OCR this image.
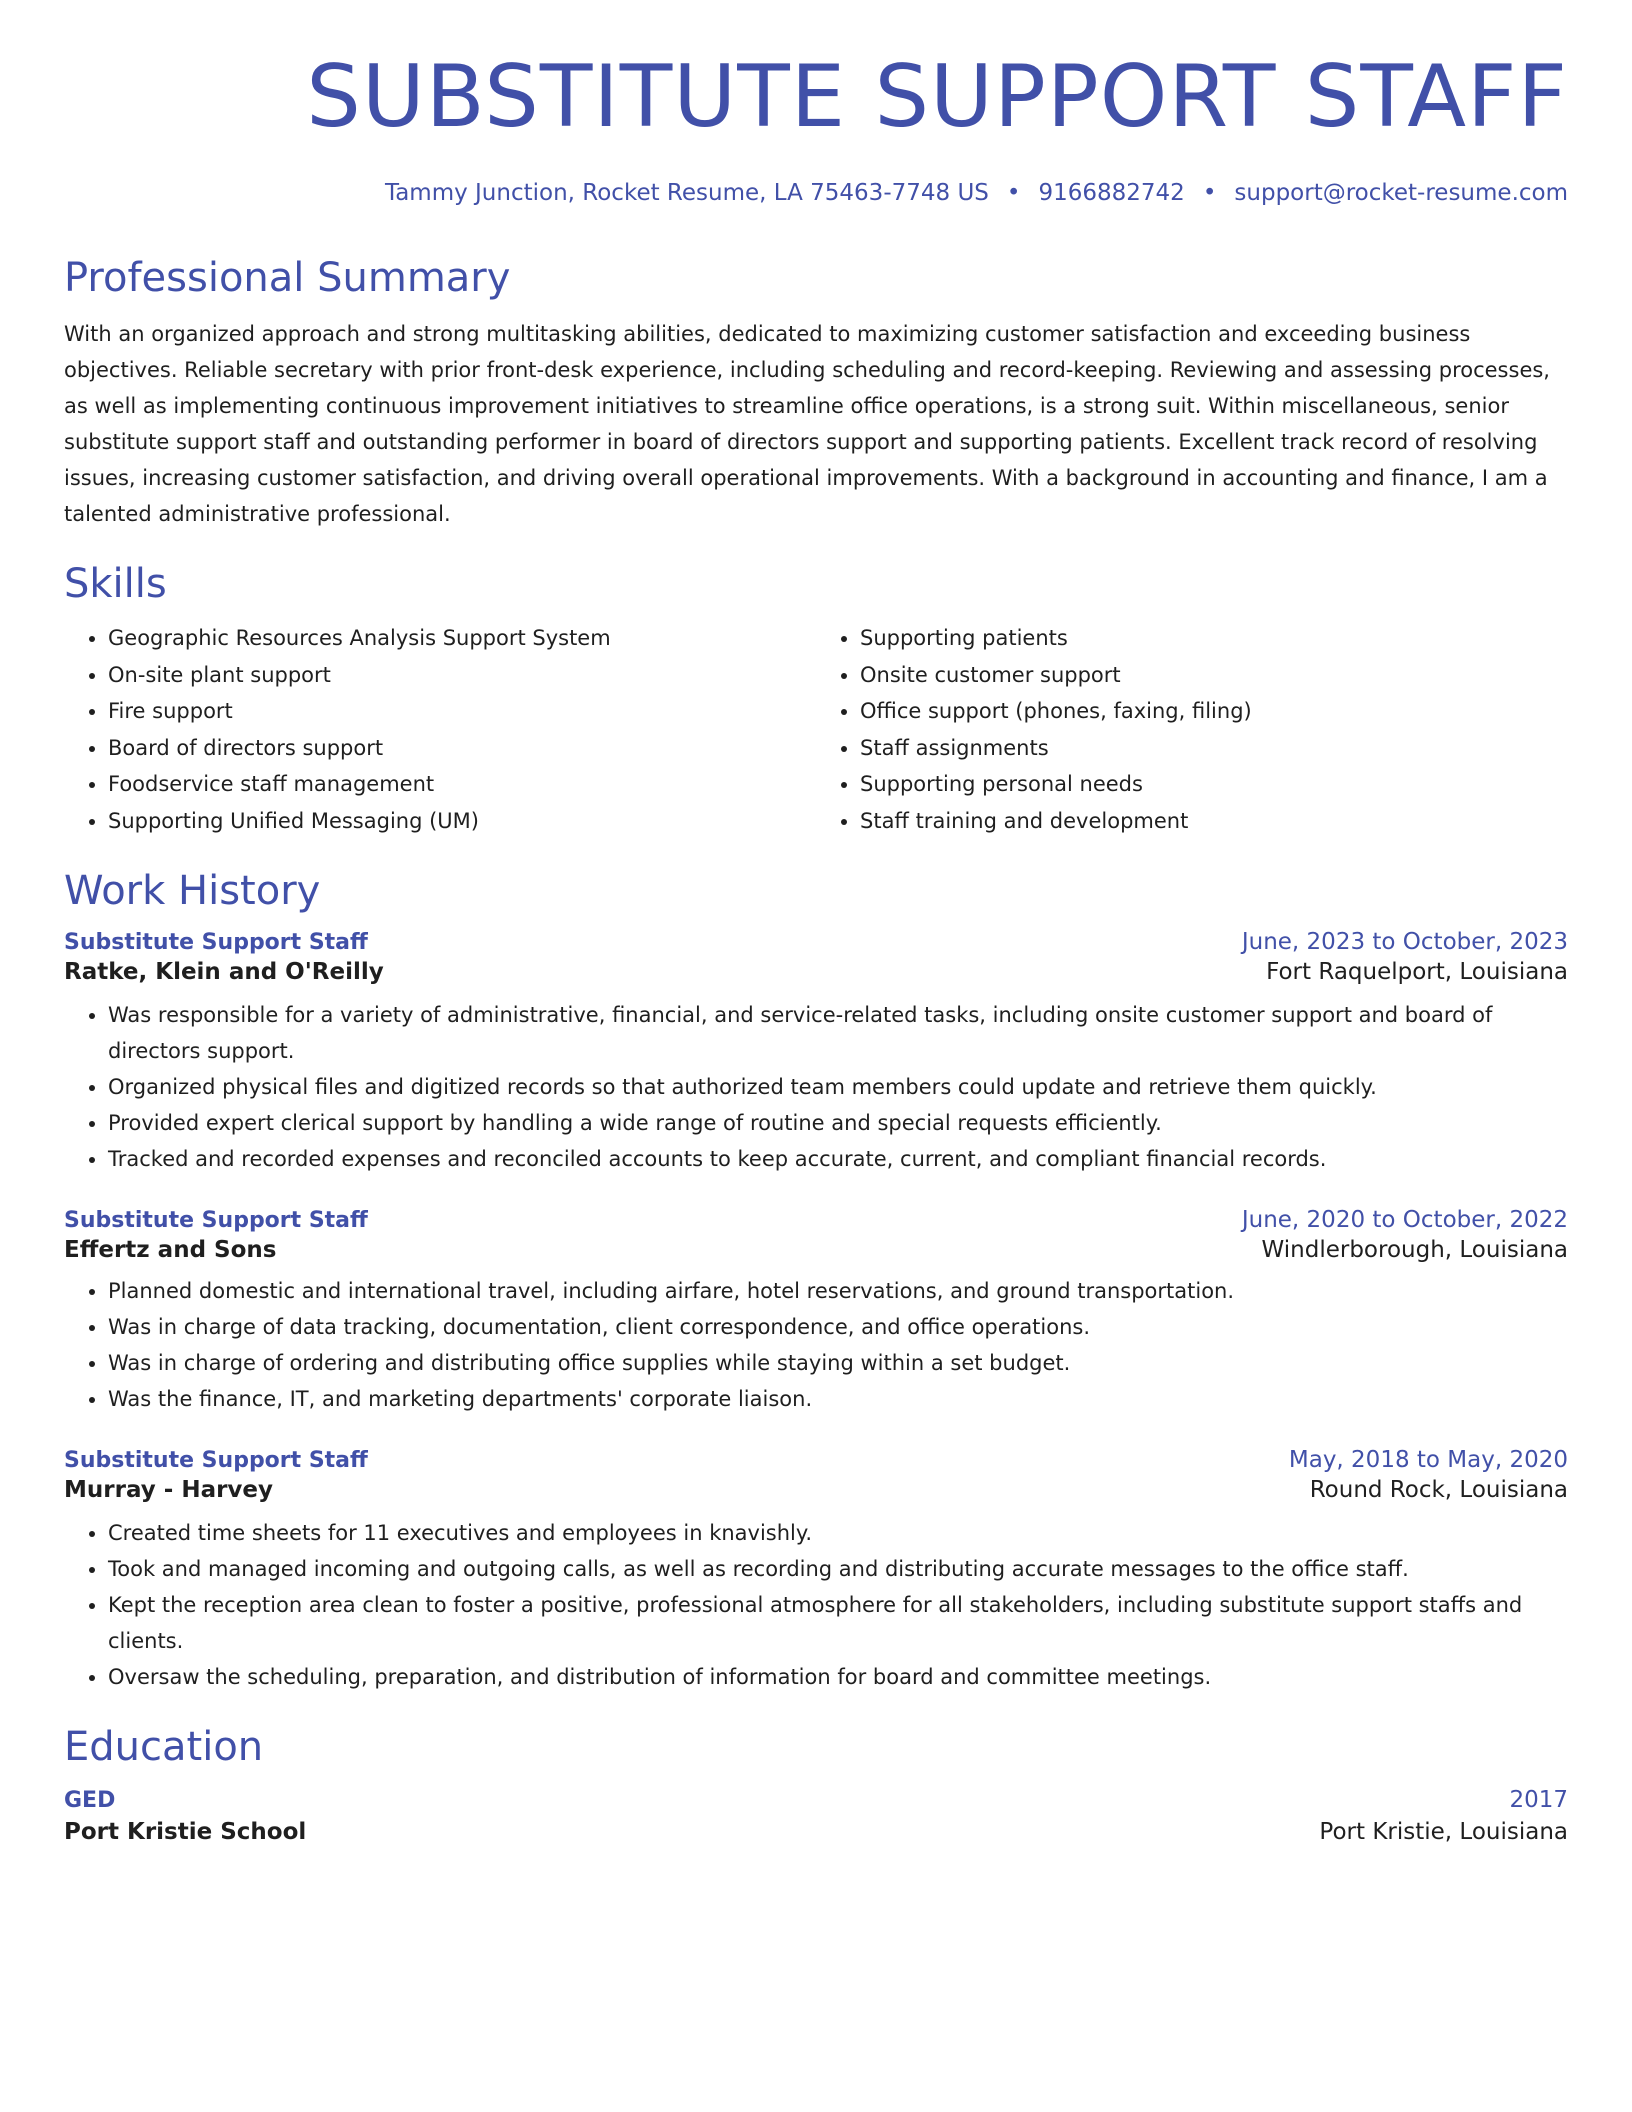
SUBSTITUTE SUPPORT STAFF
Tammy Junction, Rocket Resume, LA 75463-7748 US • 9166882742 • support@rocket-resume.com
Professional Summary
With an organized approach and strong multitasking abilities, dedicated to maximizing customer satisfaction and exceeding business objectives. Reliable secretary with prior front-desk experience, including scheduling and record-keeping. Reviewing and assessing processes, as well as implementing continuous improvement initiatives to streamline office operations, is a strong suit. Within miscellaneous, senior substitute support staff and outstanding performer in board of directors support and supporting patients. Excellent track record of resolving issues, increasing customer satisfaction, and driving overall operational improvements. With a background in accounting and finance, I am a talented administrative professional.
Skills
• Geographic Resources Analysis Support System
• On-site plant support
• Fire support
• Board of directors support
• Foodservice staff management
• Supporting Unified Messaging (UM)
• Supporting patients
• Onsite customer support
• Office support (phones, faxing, filing)
• Staff assignments
• Supporting personal needs
• Staff training and development
Work History
Substitute Support Staff	June, 2023 to October, 2023
Ratke, Klein and O'Reilly	Fort Raquelport, Louisiana
• Was responsible for a variety of administrative, financial, and service-related tasks, including onsite customer support and board of directors support.
• Organized physical files and digitized records so that authorized team members could update and retrieve them quickly.
• Provided expert clerical support by handling a wide range of routine and special requests efficiently.
• Tracked and recorded expenses and reconciled accounts to keep accurate, current, and compliant financial records.
Substitute Support Staff	June, 2020 to October, 2022
Effertz and Sons	Windlerborough, Louisiana
• Planned domestic and international travel, including airfare, hotel reservations, and ground transportation.
• Was in charge of data tracking, documentation, client correspondence, and office operations.
• Was in charge of ordering and distributing office supplies while staying within a set budget.
• Was the finance, IT, and marketing departments' corporate liaison.
Substitute Support Staff	May, 2018 to May, 2020
Murray - Harvey	Round Rock, Louisiana
• Created time sheets for 11 executives and employees in knavishly.
• Took and managed incoming and outgoing calls, as well as recording and distributing accurate messages to the office staff.
• Kept the reception area clean to foster a positive, professional atmosphere for all stakeholders, including substitute support staffs and clients.
• Oversaw the scheduling, preparation, and distribution of information for board and committee meetings.
Education
GED	2017
Port Kristie School	Port Kristie, Louisiana
